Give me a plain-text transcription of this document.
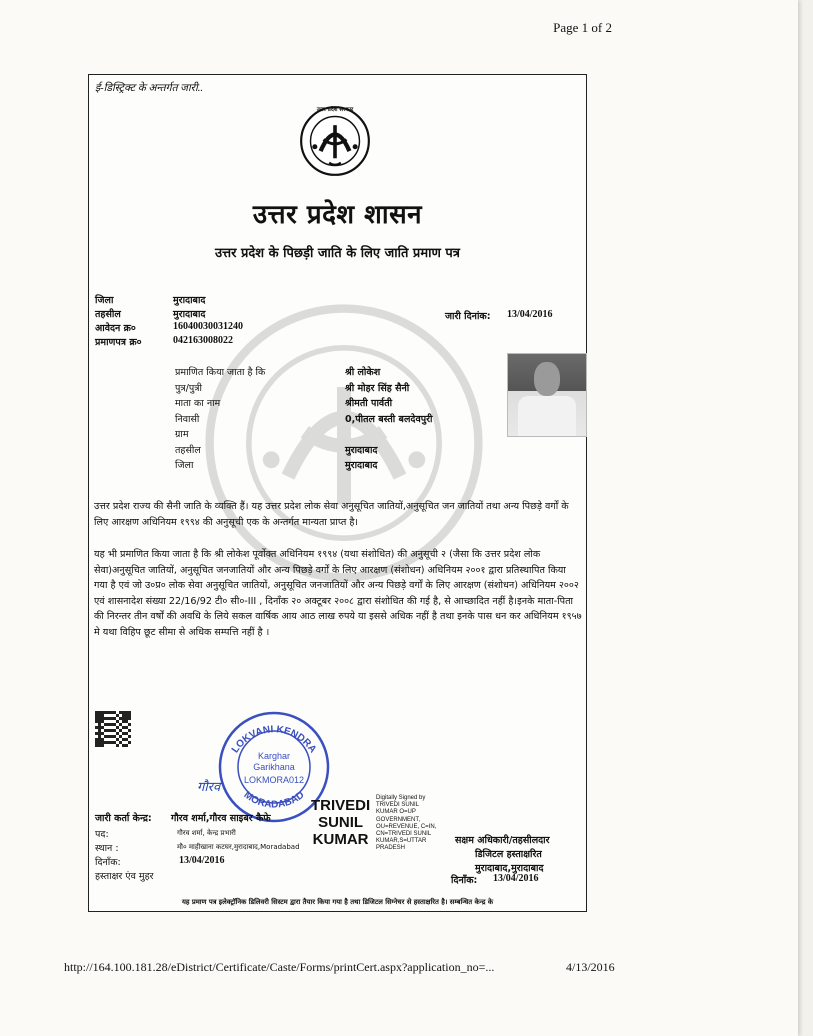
Page 1 of 2
ई-डिस्ट्रिक्ट के अन्तर्गत जारी..
उत्तर प्रदेश सरकार
उत्तर प्रदेश शासन
उत्तर प्रदेश के पिछड़ी जाति के लिए जाति प्रमाण पत्र
जिला	मुरादाबाद
तहसील	मुरादाबाद
आवेदन क्र०	16040030031240
प्रमाणपत्र क्र०	042163008022
जारी दिनांक: 13/04/2016
प्रमाणित किया जाता है कि	श्री लोकेश
पुत्र/पुत्री	श्री मोहर सिंह सैनी
माता का नाम	श्रीमती पार्वती
निवासी	0,पीतल बस्ती बलदेवपुरी
ग्राम
तहसील	मुरादाबाद
जिला	मुरादाबाद
उत्तर प्रदेश राज्य की सैनी जाति के व्यक्ति हैं। यह उत्तर प्रदेश लोक सेवा अनुसूचित जातियों,अनुसूचित जन जातियों तथा अन्य पिछड़े वर्गों के लिए आरक्षण अधिनियम १९९४ की अनुसूची एक के अन्तर्गत मान्यता प्राप्त है।
यह भी प्रमाणित किया जाता है कि श्री लोकेश पूर्वोक्त अधिनियम १९९४ (यथा संशोधित) की अनुसूची २ (जैसा कि उत्तर प्रदेश लोक सेवा)अनुसूचित जातियों, अनुसूचित जनजातियों और अन्य पिछड़े वर्गों के लिए आरक्षण (संशोधन) अधिनियम २००१ द्वारा प्रतिस्थापित किया गया है एवं जो उ०प्र० लोक सेवा अनुसूचित जातियों, अनुसूचित जनजातियों और अन्य पिछड़े वर्गों के लिए आरक्षण (संशोधन) अधिनियम २००२ एवं शासनादेश संख्या 22/16/92 टी० सी०-III , दिनाँक २० अक्टूबर २००८ द्वारा संशोधित की गई है, से आच्छादित नहीं है।इनके माता-पिता की निरन्तर तीन वर्षों की अवधि के लिये सकल वार्षिक आय आठ लाख रुपये या इससे अधिक नहीं है तथा इनके पास धन कर अधिनियम १९५७ मे यथा विहिप छूट सीमा से अधिक सम्पत्ति नहीं है ।
LOKVANI KENDRA
MORADABAD
Karghar
Garikhana
LOKMORA012
गौरव
TRIVEDI
SUNIL
KUMAR
Digitally Signed by
TRIVEDI SUNIL
KUMAR O=UP
GOVERNMENT,
OU=REVENUE, C=IN,
CN=TRIVEDI SUNIL
KUMAR,S=UTTAR
PRADESH
जारी कर्ता केन्द्र: गौरव शर्मा,गौरव साइबर कैफे
पद:	गौरव शर्मा, केन्द्र प्रभारी
स्थान :	मौ० माहीखाना कटघर,मुरादाबाद,Moradabad
दिनाँक:	13/04/2016
हस्ताक्षर एंव मुहर
सक्षम अधिकारी/तहसीलदार
डिजिटल हस्ताक्षरित
मुरादाबाद,मुरादाबाद
दिनाँक: 13/04/2016
यह प्रमाण पत्र इलेक्ट्रॉनिक डिलिवरी सिस्टम द्वारा तैयार किया गया है तथा डिजिटल सिग्नेचर से हस्ताक्षरित है। सम्बन्धित केन्द्र के
http://164.100.181.28/eDistrict/Certificate/Caste/Forms/printCert.aspx?application_no=...	4/13/2016
